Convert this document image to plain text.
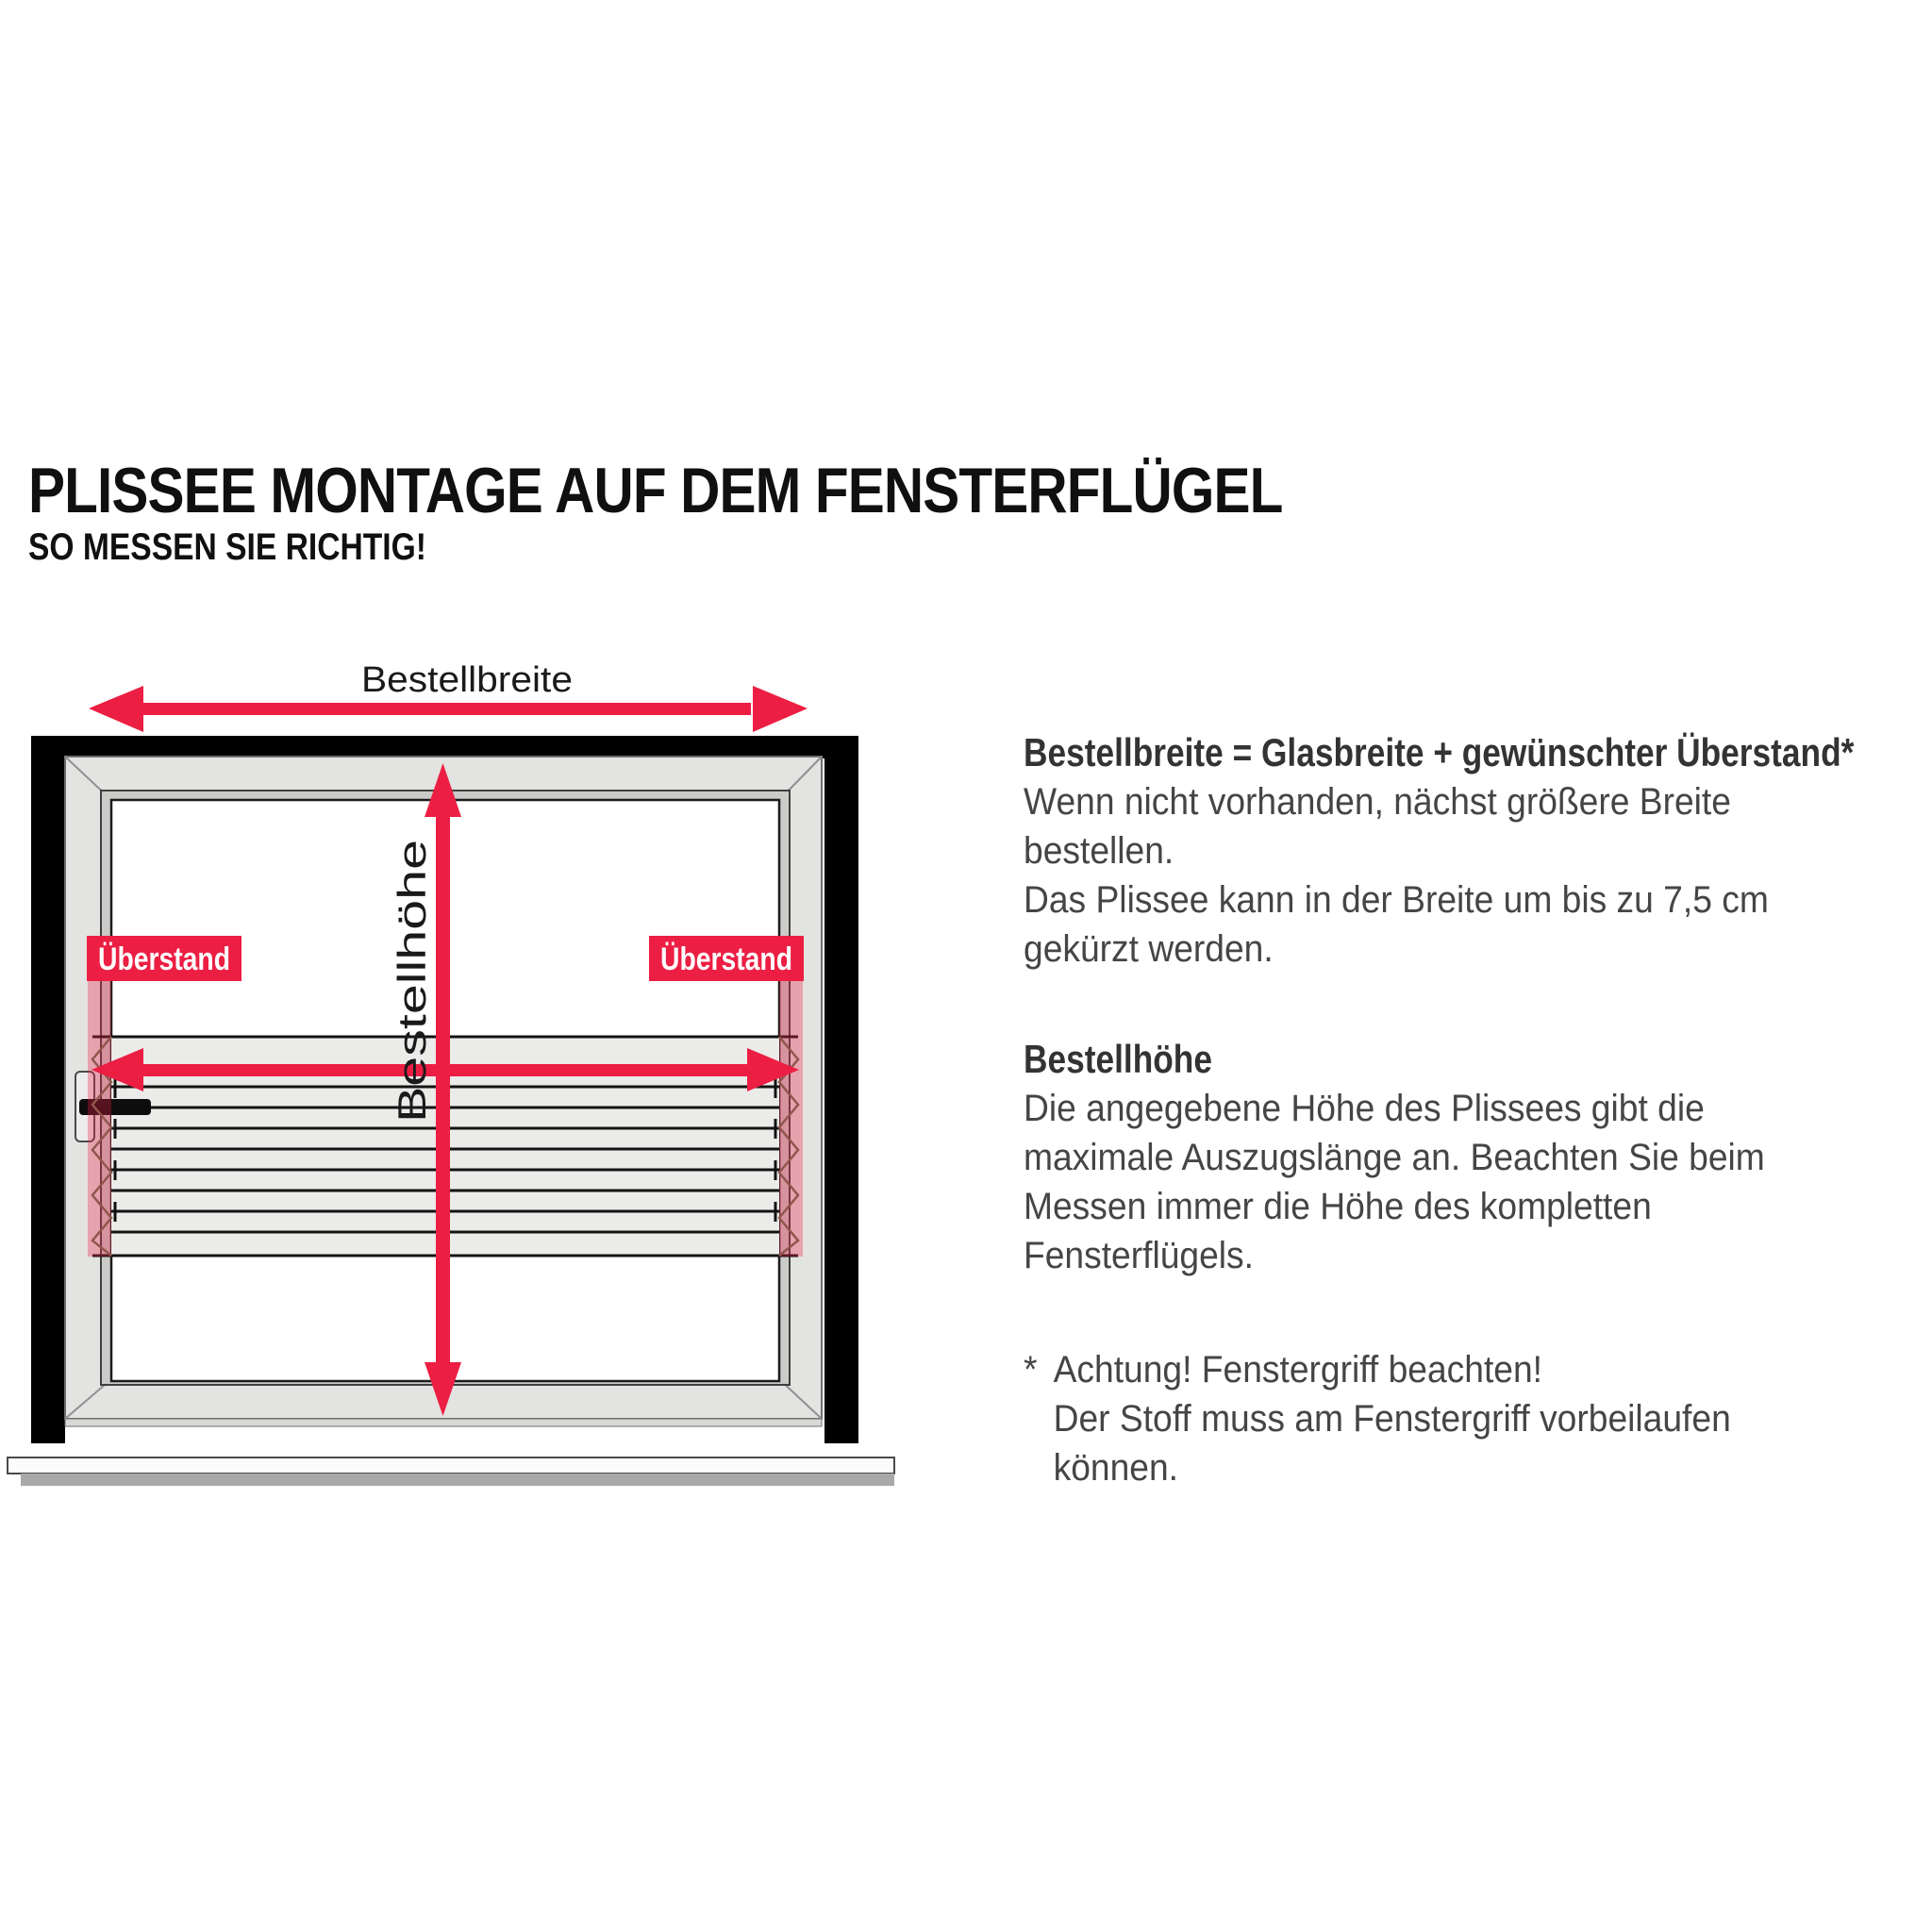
PLISSEE MONTAGE AUF DEM FENSTERFLÜGEL
SO MESSEN SIE RICHTIG!
Bestellbreite
Bestellhöhe
Überstand	Überstand
Bestellbreite = Glasbreite + gewünschter Überstand*
Wenn nicht vorhanden, nächst größere Breite
bestellen.
Das Plissee kann in der Breite um bis zu 7,5 cm
gekürzt werden.
Bestellhöhe
Die angegebene Höhe des Plissees gibt die
maximale Auszugslänge an. Beachten Sie beim
Messen immer die Höhe des kompletten
Fensterflügels.
* Achtung! Fenstergriff beachten!
Der Stoff muss am Fenstergriff vorbeilaufen
können.
